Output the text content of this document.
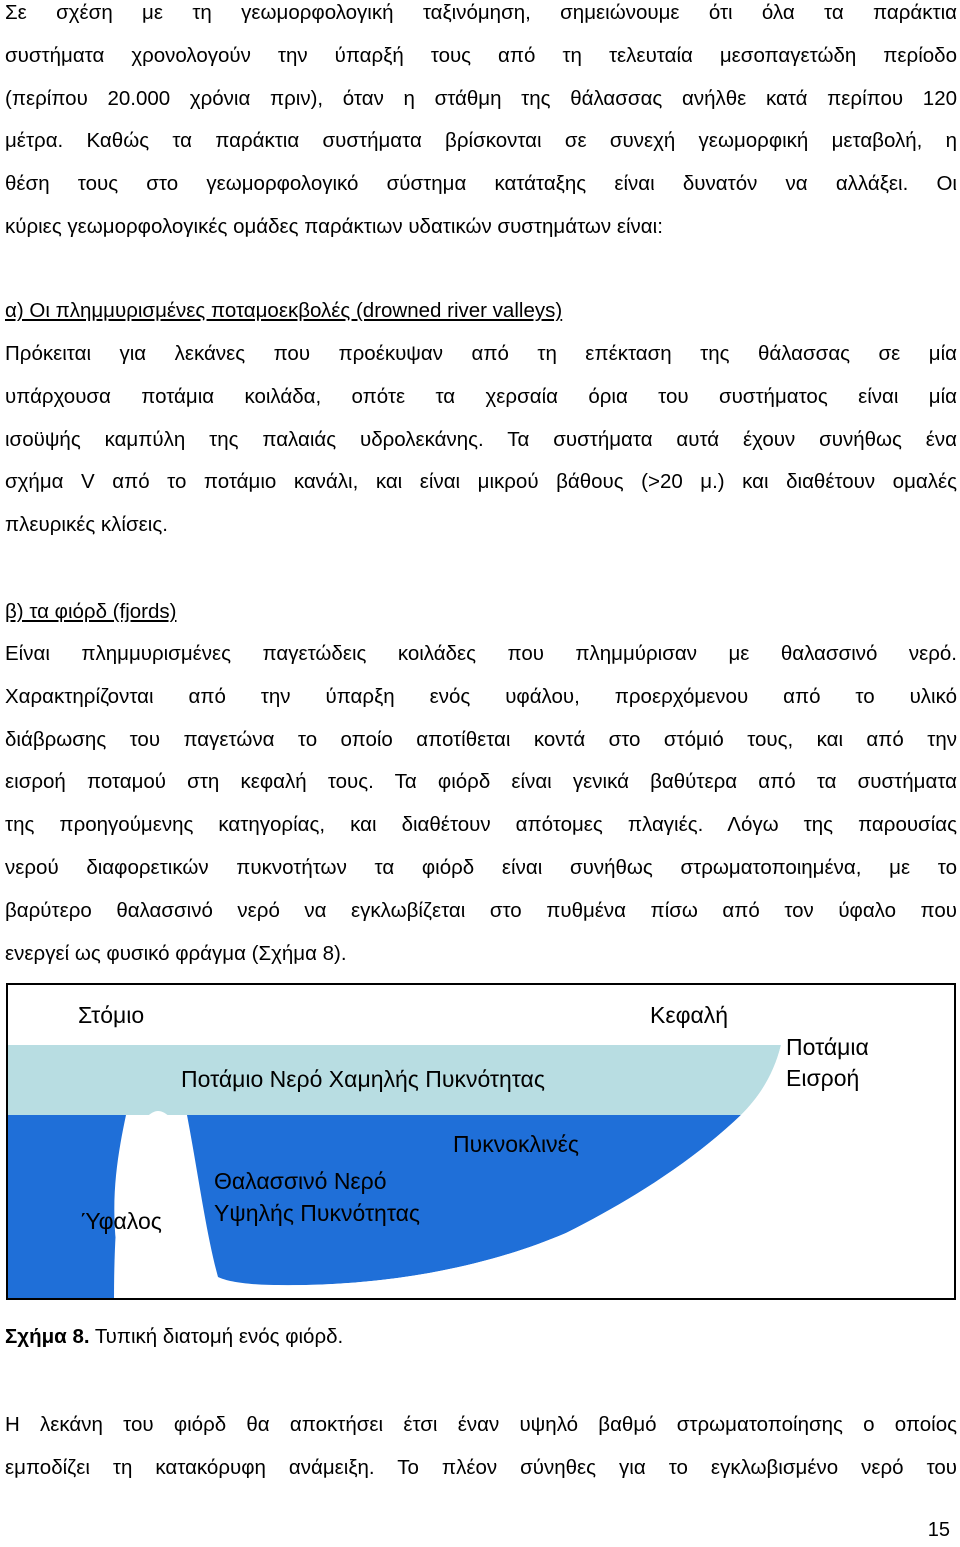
Σε σχέση με τη γεωμορφολογική ταξινόμηση, σημειώνουμε ότι όλα τα παράκτια
συστήματα χρονολογούν την ύπαρξή τους από τη τελευταία μεσοπαγετώδη περίοδο
(περίπου 20.000 χρόνια πριν), όταν η στάθμη της θάλασσας ανήλθε κατά περίπου 120
μέτρα. Καθώς τα παράκτια συστήματα βρίσκονται σε συνεχή γεωμορφική μεταβολή, η
θέση τους στο γεωμορφολογικό σύστημα κατάταξης είναι δυνατόν να αλλάξει. Οι
κύριες γεωμορφολογικές ομάδες παράκτιων υδατικών συστημάτων είναι:
α) Οι πλημμυρισμένες ποταμοεκβολές (drowned river valleys)
Πρόκειται για λεκάνες που προέκυψαν από τη επέκταση της θάλασσας σε μία
υπάρχουσα ποτάμια κοιλάδα, οπότε τα χερσαία όρια του συστήματος είναι μία
ισοϋψής καμπύλη της παλαιάς υδρολεκάνης. Τα συστήματα αυτά έχουν συνήθως ένα
σχήμα V από το ποτάμιο κανάλι, και είναι μικρού βάθους (>20 μ.) και διαθέτουν ομαλές
πλευρικές κλίσεις.
β) τα φιόρδ (fjords)
Είναι πλημμυρισμένες παγετώδεις κοιλάδες που πλημμύρισαν με θαλασσινό νερό.
Χαρακτηρίζονται από την ύπαρξη ενός υφάλου, προερχόμενου από το υλικό
διάβρωσης του παγετώνα το οποίο αποτίθεται κοντά στο στόμιό τους, και από την
εισροή ποταμού στη κεφαλή τους. Τα φιόρδ είναι γενικά βαθύτερα από τα συστήματα
της προηγούμενης κατηγορίας, και διαθέτουν απότομες πλαγιές. Λόγω της παρουσίας
νερού διαφορετικών πυκνοτήτων τα φιόρδ είναι συνήθως στρωματοποιημένα, με το
βαρύτερο θαλασσινό νερό να εγκλωβίζεται στο πυθμένα πίσω από τον ύφαλο που
ενεργεί ως φυσικό φράγμα (Σχήμα 8).
Στόμιο	Κεφαλή
Ποτάμια
Εισροή
Ποτάμιο Νερό Χαμηλής Πυκνότητας
Πυκνοκλινές
Θαλασσινό Νερό
Υψηλής Πυκνότητας
Ύφαλος

Σχήμα 8. Τυπική διατομή ενός φιόρδ.

Η λεκάνη του φιόρδ θα αποκτήσει έτσι έναν υψηλό βαθμό στρωματοποίησης ο οποίος
εμποδίζει τη κατακόρυφη ανάμειξη. Το πλέον σύνηθες για το εγκλωβισμένο νερό του
15
